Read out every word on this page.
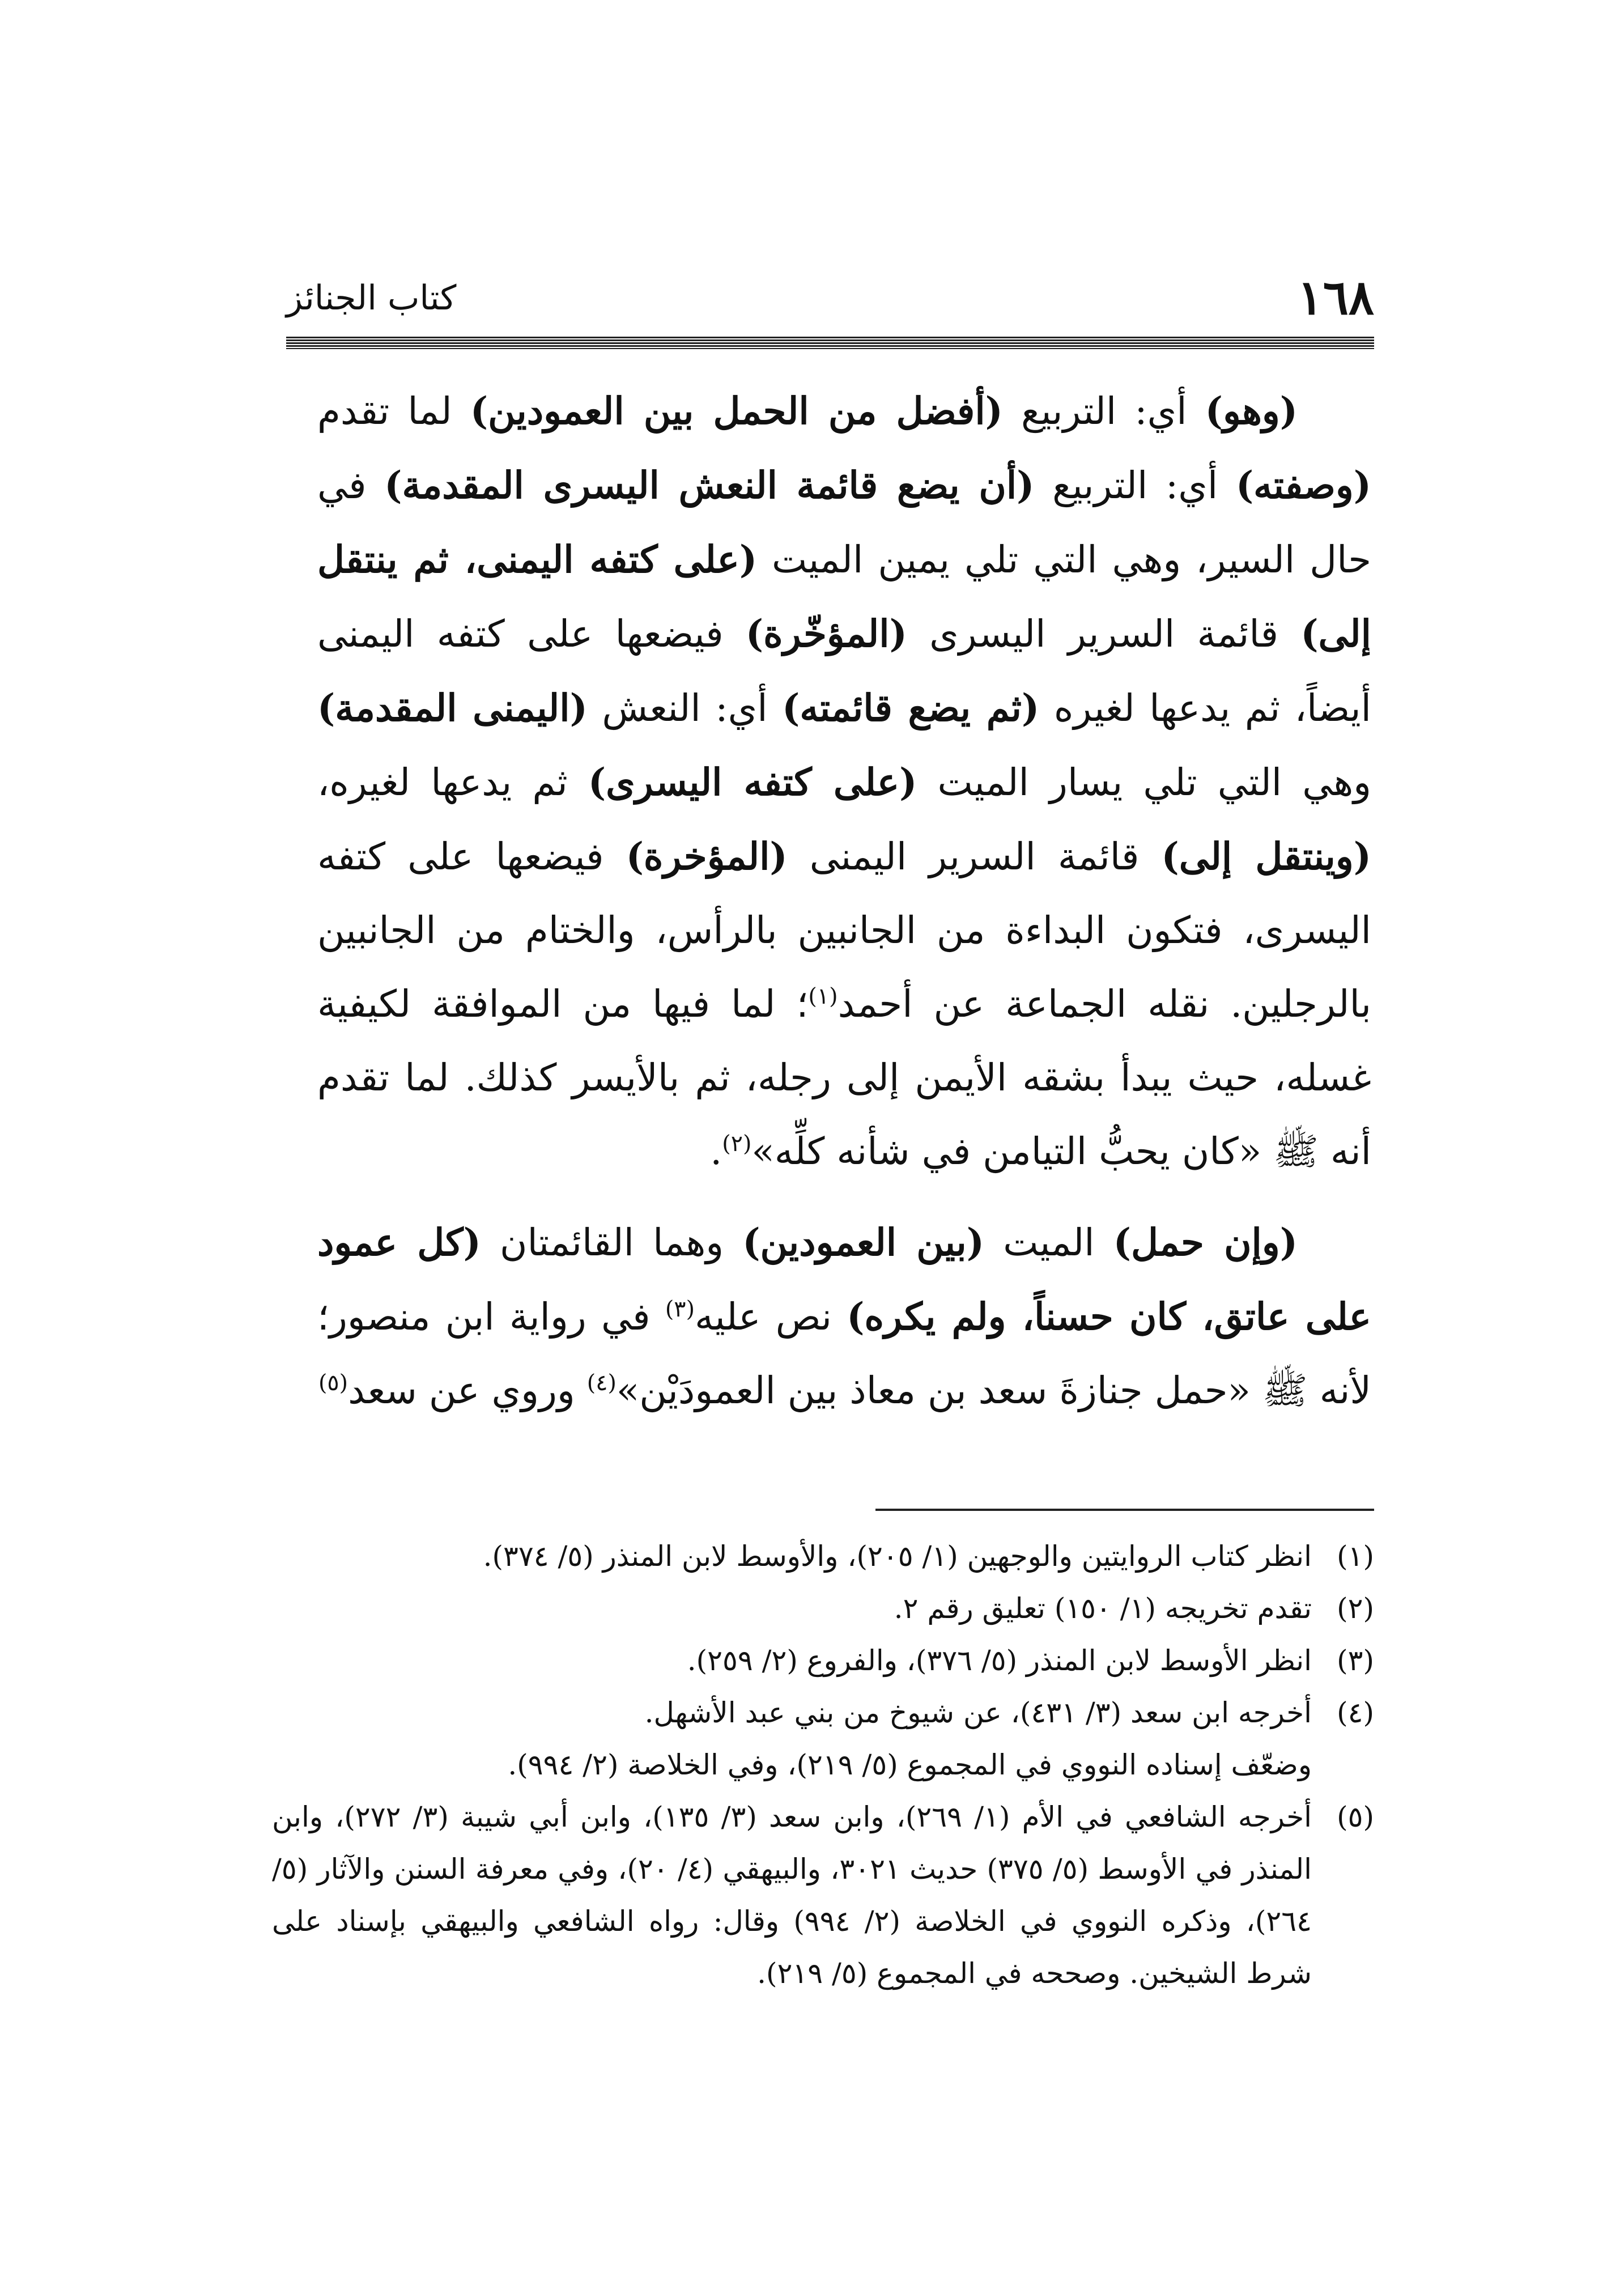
١٦٨
كتاب الجنائز

(وهو) أي: التربيع (أفضل من الحمل بين العمودين) لما تقدم (وصفته) أي: التربيع (أن يضع قائمة النعش اليسرى المقدمة) في حال السير، وهي التي تلي يمين الميت (على كتفه اليمنى، ثم ينتقل إلى) قائمة السرير اليسرى (المؤخّرة) فيضعها على كتفه اليمنى أيضاً، ثم يدعها لغيره (ثم يضع قائمته) أي: النعش (اليمنى المقدمة) وهي التي تلي يسار الميت (على كتفه اليسرى) ثم يدعها لغيره، (وينتقل إلى) قائمة السرير اليمنى (المؤخرة) فيضعها على كتفه اليسرى، فتكون البداءة من الجانبين بالرأس، والختام من الجانبين بالرجلين. نقله الجماعة عن أحمد$^{(١)}$؛ لما فيها من الموافقة لكيفية غسله، حيث يبدأ بشقه الأيمن إلى رجله، ثم بالأيسر كذلك. لما تقدم أنه ﷺ «كان يحبُّ التيامن في شأنه كلِّه»$^{(٢)}$.

(وإن حمل) الميت (بين العمودين) وهما القائمتان (كل عمود على عاتق، كان حسناً، ولم يكره) نص عليه$^{(٣)}$ في رواية ابن منصور؛ لأنه ﷺ «حمل جنازةَ سعد بن معاذ بين العمودَيْن»$^{(٤)}$ وروي عن سعد$^{(٥)}$

(١)
انظر كتاب الروايتين والوجهين (١/ ٢٠٥)، والأوسط لابن المنذر (٥/ ٣٧٤).
(٢)
تقدم تخريجه (١/ ١٥٠) تعليق رقم ٢.
(٣)
انظر الأوسط لابن المنذر (٥/ ٣٧٦)، والفروع (٢/ ٢٥٩).
(٤)
أخرجه ابن سعد (٣/ ٤٣١)، عن شيوخ من بني عبد الأشهل.
وضعّف إسناده النووي في المجموع (٥/ ٢١٩)، وفي الخلاصة (٢/ ٩٩٤).
(٥)
أخرجه الشافعي في الأم (١/ ٢٦٩)، وابن سعد (٣/ ١٣٥)، وابن أبي شيبة (٣/ ٢٧٢)، وابن المنذر في الأوسط (٥/ ٣٧٥) حديث ٣٠٢١، والبيهقي (٤/ ٢٠)، وفي معرفة السنن والآثار (٥/ ٢٦٤)، وذكره النووي في الخلاصة (٢/ ٩٩٤) وقال: رواه الشافعي والبيهقي بإسناد على شرط الشيخين. وصححه في المجموع (٥/ ٢١٩).
